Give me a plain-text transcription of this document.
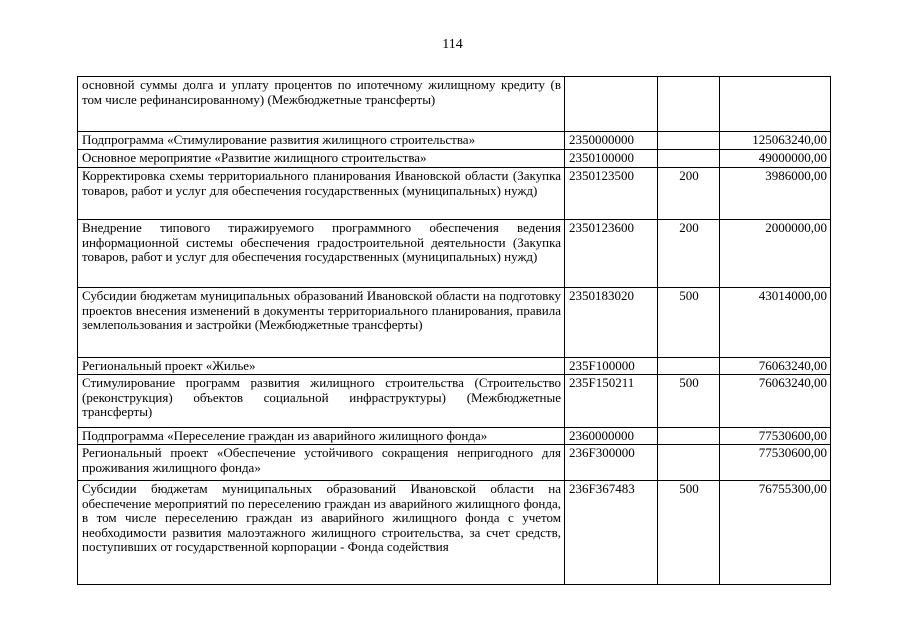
114
основной суммы долга и уплату процентов по ипотечному жилищному кредиту (в том числе рефинансированному) (Межбюджетные трансферты)			
Подпрограмма «Стимулирование развития жилищного строительства»	2350000000		125063240,00
Основное мероприятие «Развитие жилищного строительства»	2350100000		49000000,00
Корректировка схемы территориального планирования Ивановской области (Закупка товаров, работ и услуг для обеспечения государственных (муниципальных) нужд)	2350123500	200	3986000,00
Внедрение типового тиражируемого программного обеспечения ведения информационной системы обеспечения градостроительной деятельности (Закупка товаров, работ и услуг для обеспечения государственных (муниципальных) нужд)	2350123600	200	2000000,00
Субсидии бюджетам муниципальных образований Ивановской области на подготовку проектов внесения изменений в документы территориального планирования, правила землепользования и застройки (Межбюджетные трансферты)	2350183020	500	43014000,00
Региональный проект «Жилье»	235F100000		76063240,00
Стимулирование программ развития жилищного строительства (Строительство (реконструкция) объектов социальной инфраструктуры) (Межбюджетные трансферты)	235F150211	500	76063240,00
Подпрограмма «Переселение граждан из аварийного жилищного фонда»	2360000000		77530600,00
Региональный проект «Обеспечение устойчивого сокращения непригодного для проживания жилищного фонда»	236F300000		77530600,00
Субсидии бюджетам муниципальных образований Ивановской области на обеспечение мероприятий по переселению граждан из аварийного жилищного фонда, в том числе переселению граждан из аварийного жилищного фонда с учетом необходимости развития малоэтажного жилищного строительства, за счет средств, поступивших от государственной корпорации - Фонда содействия	236F367483	500	76755300,00
